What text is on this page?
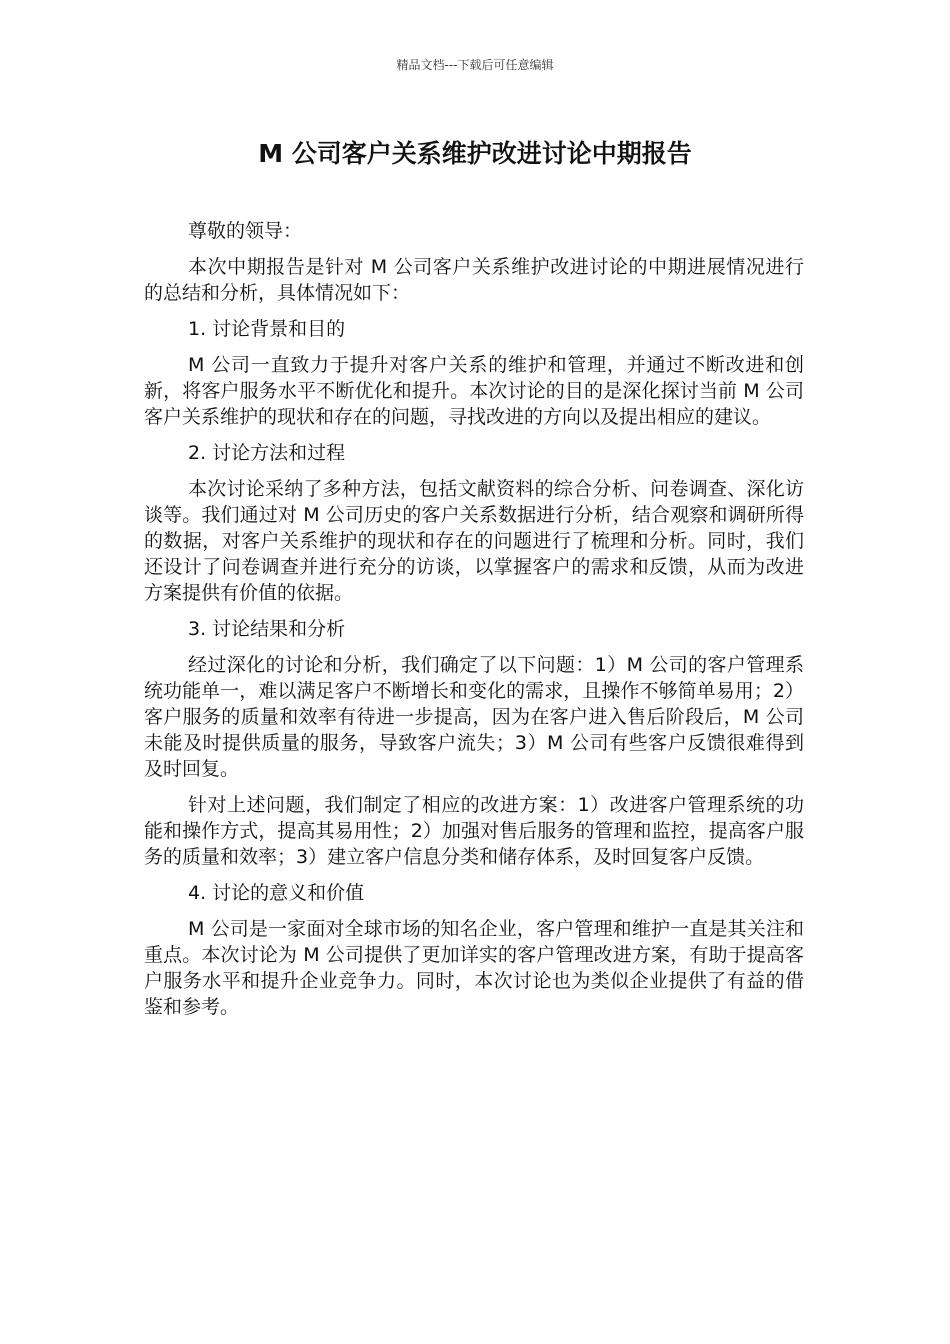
精品文档---下载后可任意编辑
M 公司客户关系维护改进讨论中期报告

尊敬的领导：

本次中期报告是针对 M 公司客户关系维护改进讨论的中期进展情况进行的总结和分析，具体情况如下：

1. 讨论背景和目的

M 公司一直致力于提升对客户关系的维护和管理，并通过不断改进和创新，将客户服务水平不断优化和提升。本次讨论的目的是深化探讨当前 M 公司客户关系维护的现状和存在的问题，寻找改进的方向以及提出相应的建议。

2. 讨论方法和过程

本次讨论采纳了多种方法，包括文献资料的综合分析、问卷调查、深化访谈等。我们通过对 M 公司历史的客户关系数据进行分析，结合观察和调研所得的数据，对客户关系维护的现状和存在的问题进行了梳理和分析。同时，我们还设计了问卷调查并进行充分的访谈，以掌握客户的需求和反馈，从而为改进方案提供有价值的依据。

3. 讨论结果和分析

经过深化的讨论和分析，我们确定了以下问题：1）M 公司的客户管理系统功能单一，难以满足客户不断增长和变化的需求，且操作不够简单易用；2）客户服务的质量和效率有待进一步提高，因为在客户进入售后阶段后，M 公司未能及时提供质量的服务，导致客户流失；3）M 公司有些客户反馈很难得到及时回复。

针对上述问题，我们制定了相应的改进方案：1）改进客户管理系统的功能和操作方式，提高其易用性；2）加强对售后服务的管理和监控，提高客户服务的质量和效率；3）建立客户信息分类和储存体系，及时回复客户反馈。

4. 讨论的意义和价值

M 公司是一家面对全球市场的知名企业，客户管理和维护一直是其关注和重点。本次讨论为 M 公司提供了更加详实的客户管理改进方案，有助于提高客户服务水平和提升企业竞争力。同时，本次讨论也为类似企业提供了有益的借鉴和参考。
